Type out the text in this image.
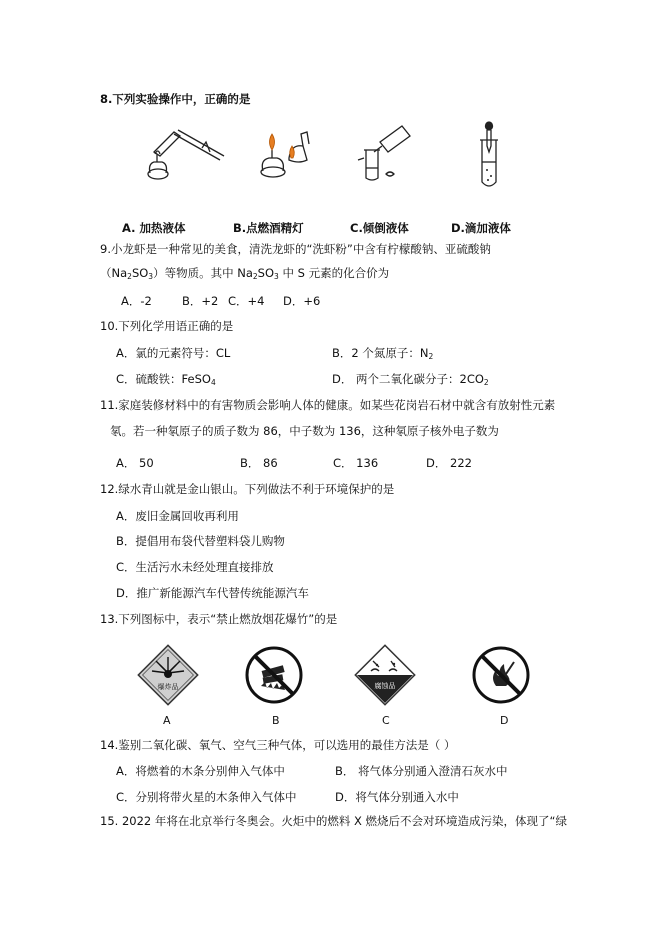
8.下列实验操作中，正确的是
A. 加热液体	B.点燃酒精灯	C.倾倒液体	D.滴加液体
9.小龙虾是一种常见的美食，清洗龙虾的“洗虾粉”中含有柠檬酸钠、亚硫酸钠
$(Na_2SO_3)$等物质。其中 $Na_2SO_3$ 中 S 元素的化合价为
A．-2	B．+2 C．+4 D．+6
10.下列化学用语正确的是
A．氯的元素符号：CL	B．2 个氮原子：$N_2$
C．硫酸铁：FeSO$_4$	D． 两个二氧化碳分子：$2CO_2$
11.家庭装修材料中的有害物质会影响人体的健康。如某些花岗岩石材中就含有放射性元素
氡。若一种氡原子的质子数为 86，中子数为 136，这种氡原子核外电子数为
A． 50	B． 86	C． 136	D． 222
12.绿水青山就是金山银山。下列做法不利于环境保护的是
A．废旧金属回收再利用
B．提倡用布袋代替塑料袋儿购物
C．生活污水未经处理直接排放
D．推广新能源汽车代替传统能源汽车
13.下列图标中，表示“禁止燃放烟花爆竹”的是
爆炸品	腐蚀品
A	B	C	D
14.鉴别二氧化碳、氧气、空气三种气体，可以选用的最佳方法是（ ）
A．将燃着的木条分别伸入气体中	B． 将气体分别通入澄清石灰水中
C．分别将带火星的木条伸入气体中	D．将气体分别通入水中
15. 2022 年将在北京举行冬奥会。火炬中的燃料 X 燃烧后不会对环境造成污染，体现了“绿
